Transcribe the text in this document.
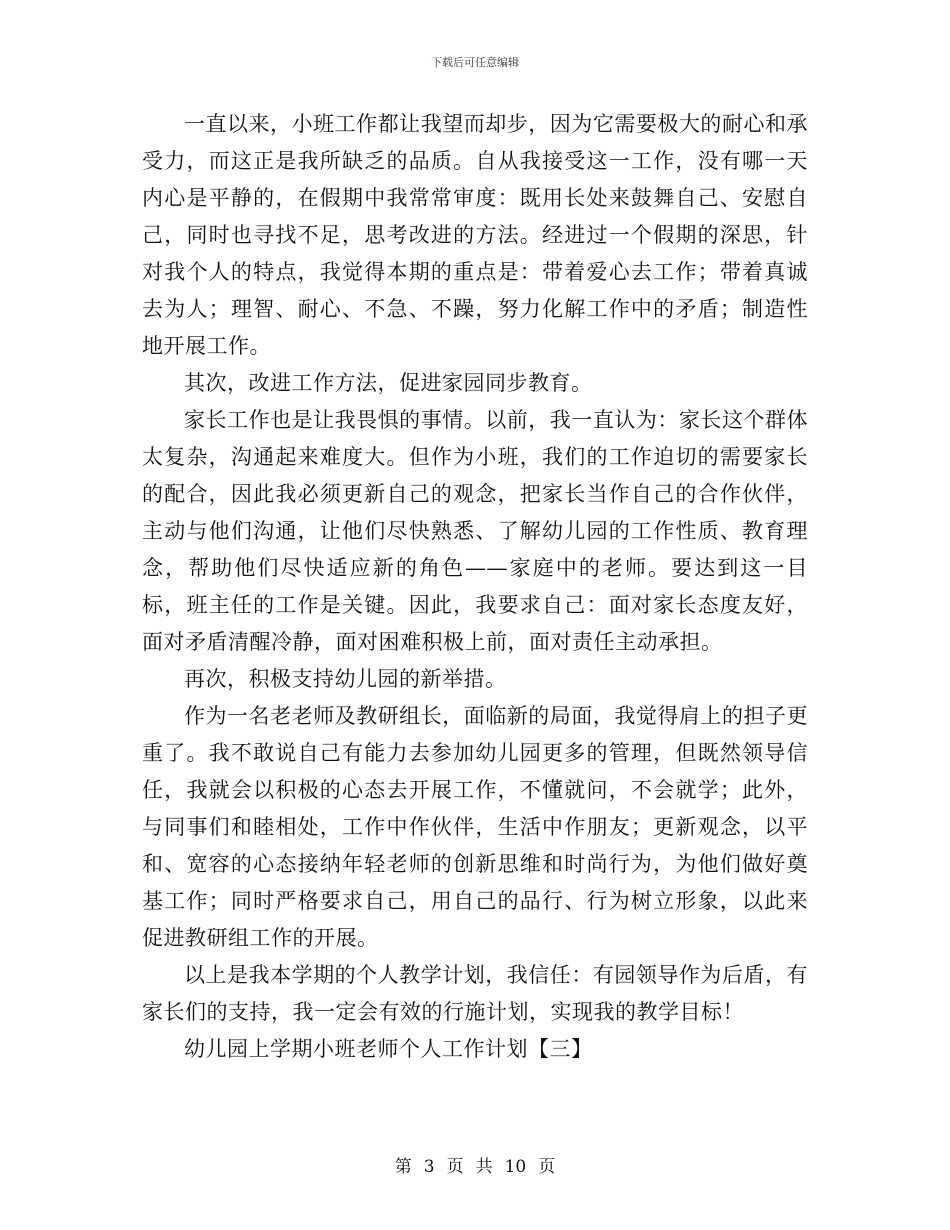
下载后可任意编辑

一直以来，小班工作都让我望而却步，因为它需要极大的耐心和承受力，而这正是我所缺乏的品质。自从我接受这一工作，没有哪一天内心是平静的，在假期中我常常审度：既用长处来鼓舞自己、安慰自己，同时也寻找不足，思考改进的方法。经进过一个假期的深思，针对我个人的特点，我觉得本期的重点是：带着爱心去工作；带着真诚去为人；理智、耐心、不急、不躁，努力化解工作中的矛盾；制造性地开展工作。

其次，改进工作方法，促进家园同步教育。

家长工作也是让我畏惧的事情。以前，我一直认为：家长这个群体太复杂，沟通起来难度大。但作为小班，我们的工作迫切的需要家长的配合，因此我必须更新自己的观念，把家长当作自己的合作伙伴，主动与他们沟通，让他们尽快熟悉、了解幼儿园的工作性质、教育理念，帮助他们尽快适应新的角色——家庭中的老师。要达到这一目标，班主任的工作是关键。因此，我要求自己：面对家长态度友好，面对矛盾清醒冷静，面对困难积极上前，面对责任主动承担。

再次，积极支持幼儿园的新举措。

作为一名老老师及教研组长，面临新的局面，我觉得肩上的担子更重了。我不敢说自己有能力去参加幼儿园更多的管理，但既然领导信任，我就会以积极的心态去开展工作，不懂就问，不会就学；此外，与同事们和睦相处，工作中作伙伴，生活中作朋友；更新观念，以平和、宽容的心态接纳年轻老师的创新思维和时尚行为，为他们做好奠基工作；同时严格要求自己，用自己的品行、行为树立形象，以此来促进教研组工作的开展。

以上是我本学期的个人教学计划，我信任：有园领导作为后盾，有家长们的支持，我一定会有效的行施计划，实现我的教学目标！

幼儿园上学期小班老师个人工作计划【三】

第 3 页 共 10 页
